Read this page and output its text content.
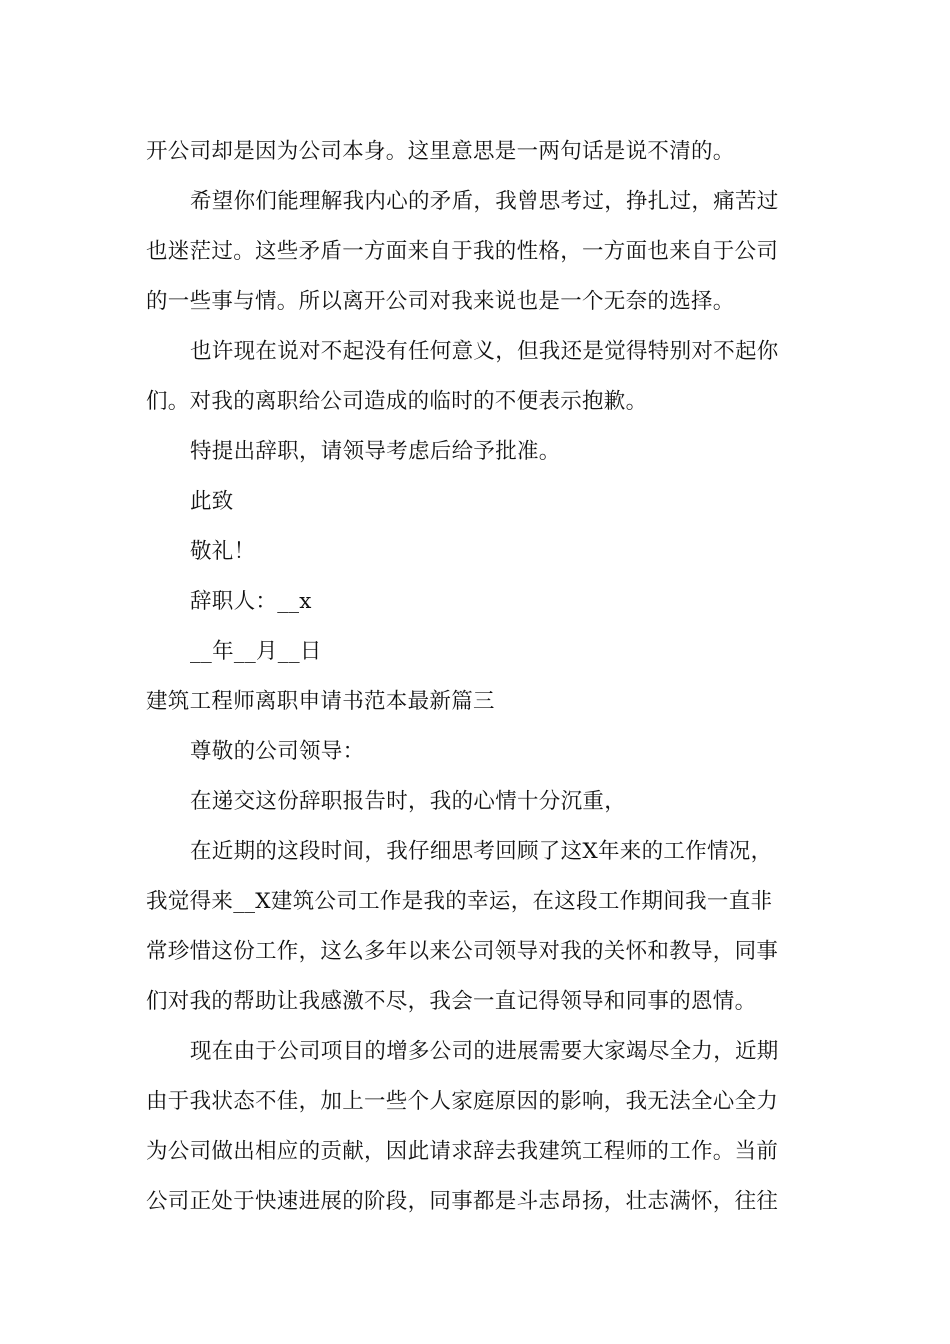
开公司却是因为公司本身。这里意思是一两句话是说不清的。
希望你们能理解我内心的矛盾，我曾思考过，挣扎过，痛苦过
也迷茫过。这些矛盾一方面来自于我的性格，一方面也来自于公司
的一些事与情。所以离开公司对我来说也是一个无奈的选择。
也许现在说对不起没有任何意义，但我还是觉得特别对不起你
们。对我的离职给公司造成的临时的不便表示抱歉。
特提出辞职，请领导考虑后给予批准。
此致
敬礼！
辞职人：__x
__年__月__日
建筑工程师离职申请书范本最新篇三
尊敬的公司领导：
在递交这份辞职报告时，我的心情十分沉重，
在近期的这段时间，我仔细思考回顾了这X年来的工作情况，
我觉得来__X建筑公司工作是我的幸运，在这段工作期间我一直非
常珍惜这份工作，这么多年以来公司领导对我的关怀和教导，同事
们对我的帮助让我感激不尽，我会一直记得领导和同事的恩情。
现在由于公司项目的增多公司的进展需要大家竭尽全力，近期
由于我状态不佳，加上一些个人家庭原因的影响，我无法全心全力
为公司做出相应的贡献，因此请求辞去我建筑工程师的工作。当前
公司正处于快速进展的阶段，同事都是斗志昂扬，壮志满怀，往往
